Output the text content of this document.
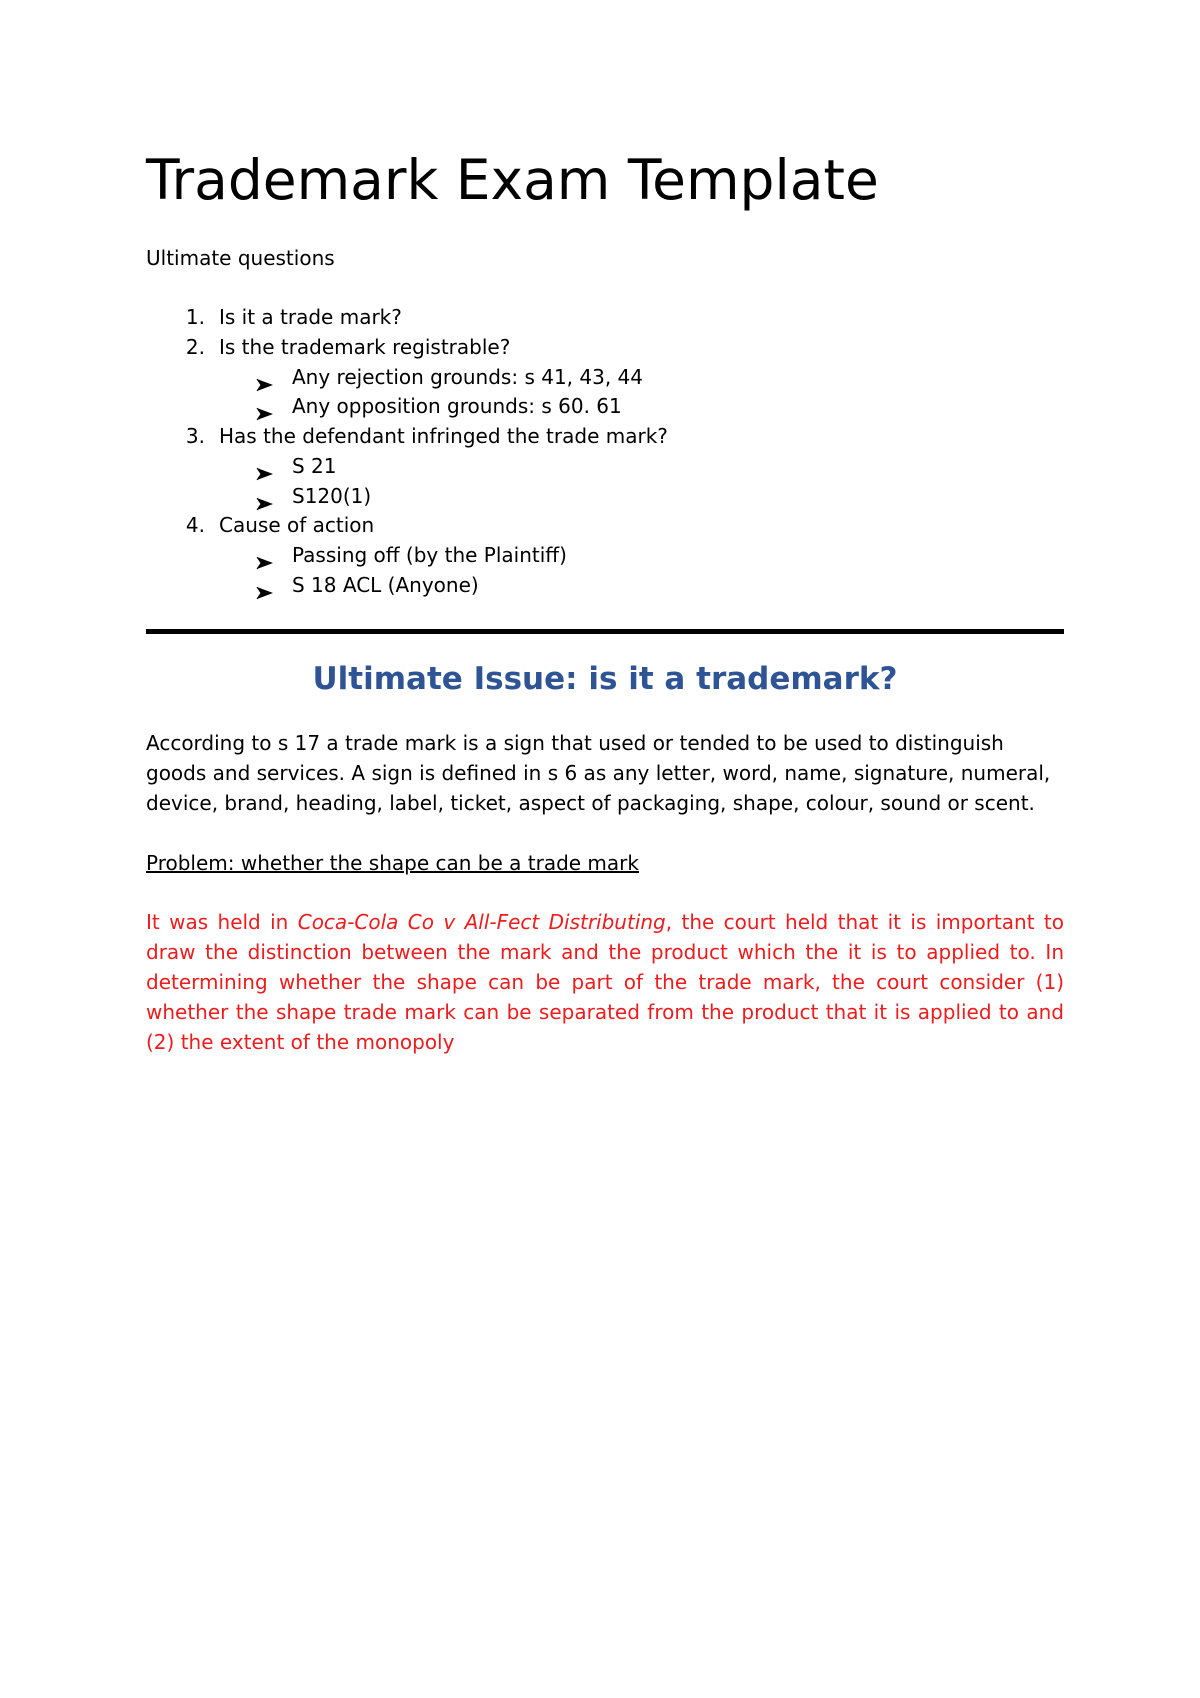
Trademark Exam Template

Ultimate questions

1. Is it a trade mark?
2. Is the trademark registrable?
Any rejection grounds: s 41, 43, 44
Any opposition grounds: s 60. 61
3. Has the defendant infringed the trade mark?
S 21
S120(1)
4. Cause of action
Passing off (by the Plaintiff)
S 18 ACL (Anyone)
Ultimate Issue: is it a trademark?

According to s 17 a trade mark is a sign that used or tended to be used to distinguish goods and services. A sign is defined in s 6 as any letter, word, name, signature, numeral, device, brand, heading, label, ticket, aspect of packaging, shape, colour, sound or scent.

Problem: whether the shape can be a trade mark

It was held in Coca-Cola Co v All-Fect Distributing, the court held that it is important to draw the distinction between the mark and the product which the it is to applied to. In determining whether the shape can be part of the trade mark, the court consider (1) whether the shape trade mark can be separated from the product that it is applied to and (2) the extent of the monopoly
